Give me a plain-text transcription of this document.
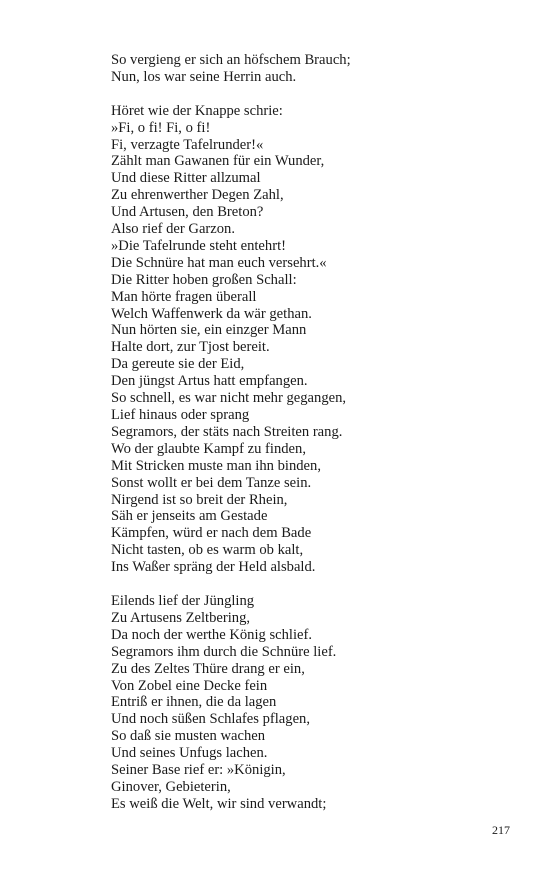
So vergieng er sich an höfschem Brauch;
Nun, los war seine Herrin auch.
Höret wie der Knappe schrie:
»Fi, o fi! Fi, o fi!
Fi, verzagte Tafelrunder!«
Zählt man Gawanen für ein Wunder,
Und diese Ritter allzumal
Zu ehrenwerther Degen Zahl,
Und Artusen, den Breton?
Also rief der Garzon.
»Die Tafelrunde steht entehrt!
Die Schnüre hat man euch versehrt.«
Die Ritter hoben großen Schall:
Man hörte fragen überall
Welch Waffenwerk da wär gethan.
Nun hörten sie, ein einzger Mann
Halte dort, zur Tjost bereit.
Da gereute sie der Eid,
Den jüngst Artus hatt empfangen.
So schnell, es war nicht mehr gegangen,
Lief hinaus oder sprang
Segramors, der stäts nach Streiten rang.
Wo der glaubte Kampf zu finden,
Mit Stricken muste man ihn binden,
Sonst wollt er bei dem Tanze sein.
Nirgend ist so breit der Rhein,
Säh er jenseits am Gestade
Kämpfen, würd er nach dem Bade
Nicht tasten, ob es warm ob kalt,
Ins Waßer spräng der Held alsbald.
Eilends lief der Jüngling
Zu Artusens Zeltbering,
Da noch der werthe König schlief.
Segramors ihm durch die Schnüre lief.
Zu des Zeltes Thüre drang er ein,
Von Zobel eine Decke fein
Entriß er ihnen, die da lagen
Und noch süßen Schlafes pflagen,
So daß sie musten wachen
Und seines Unfugs lachen.
Seiner Base rief er: »Königin,
Ginover, Gebieterin,
Es weiß die Welt, wir sind verwandt;
217
